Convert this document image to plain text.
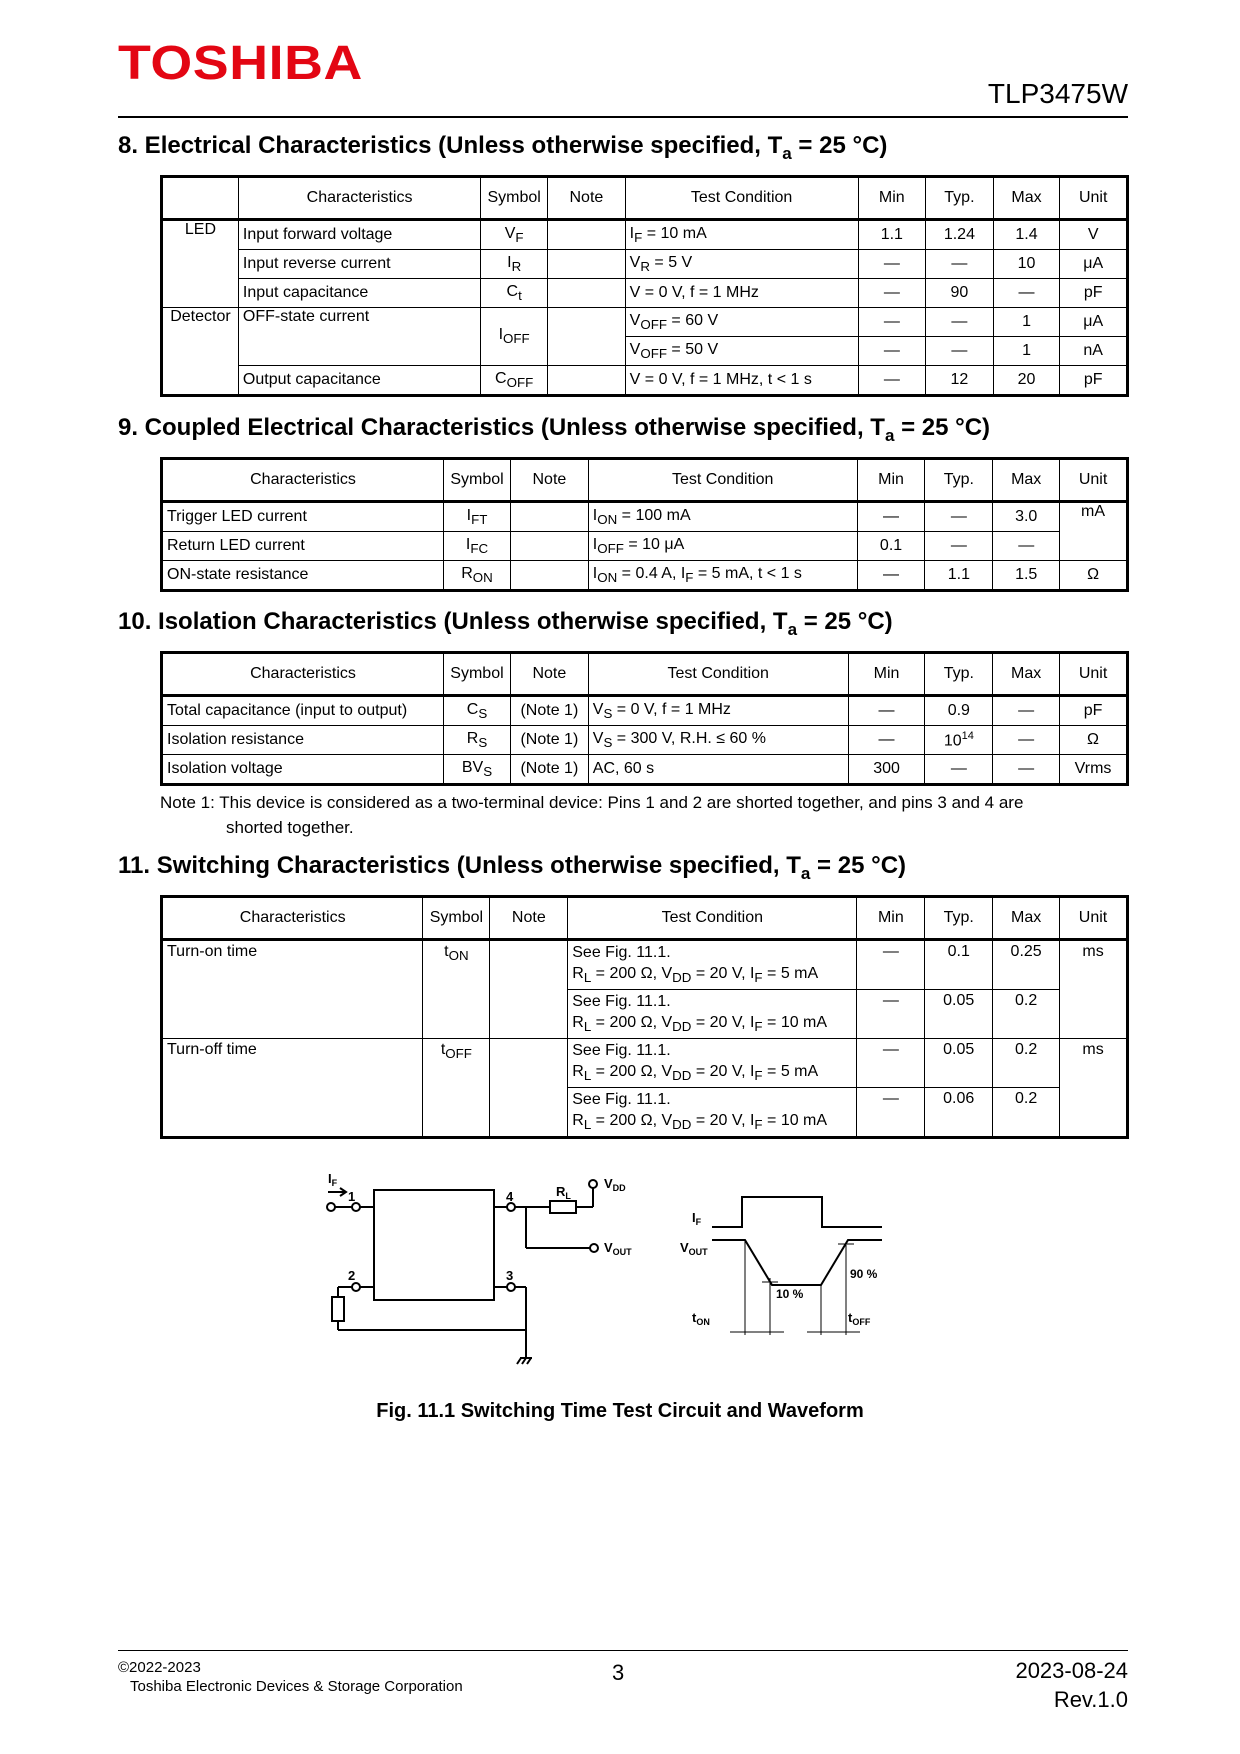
TOSHIBA
TLP3475W
8. Electrical Characteristics (Unless otherwise specified, $T_a = 25$ °C)
	Characteristics	Symbol	Note	Test Condition	Min	Typ.	Max	Unit
LED	Input forward voltage	$V_F$		$I_F = 10$ mA	1.1	1.24	1.4	V
	Input reverse current	$I_R$		$V_R = 5$ V	—	—	10	μA
	Input capacitance	$C_t$		V = 0 V, f = 1 MHz	—	90	—	pF
Detector	OFF-state current	$I_{OFF}$		$V_{OFF} = 60$ V	—	—	1	μA
				$V_{OFF} = 50$ V	—	—	1	nA
	Output capacitance	$C_{OFF}$		V = 0 V, f = 1 MHz, t < 1 s	—	12	20	pF
9. Coupled Electrical Characteristics (Unless otherwise specified, $T_a = 25$ °C)
Characteristics	Symbol	Note	Test Condition	Min	Typ.	Max	Unit
Trigger LED current	$I_{FT}$		$I_{ON} = 100$ mA	—	—	3.0	mA
Return LED current	$I_{FC}$		$I_{OFF} = 10$ μA	0.1	—	—	
ON-state resistance	$R_{ON}$		$I_{ON} = 0.4$ A, $I_F = 5$ mA, t < 1 s	—	1.1	1.5	Ω
10. Isolation Characteristics (Unless otherwise specified, $T_a = 25$ °C)
Characteristics	Symbol	Note	Test Condition	Min	Typ.	Max	Unit
Total capacitance (input to output)	$C_S$	(Note 1)	$V_S = 0$ V, f = 1 MHz	—	0.9	—	pF
Isolation resistance	$R_S$	(Note 1)	$V_S = 300$ V, R.H. ≤ 60 %	—	$10^{14}$	—	Ω
Isolation voltage	$BV_S$	(Note 1)	AC, 60 s	300	—	—	Vrms
Note 1: This device is considered as a two-terminal device: Pins 1 and 2 are shorted together, and pins 3 and 4 are
shorted together.
11. Switching Characteristics (Unless otherwise specified, $T_a = 25$ °C)
Characteristics	Symbol	Note	Test Condition	Min	Typ.	Max	Unit
Turn-on time	$t_{ON}$		See Fig. 11.1.
$R_L = 200$ Ω, $V_{DD} = 20$ V, $I_F = 5$ mA	—	0.1	0.25	ms
			See Fig. 11.1.
$R_L = 200$ Ω, $V_{DD} = 20$ V, $I_F = 10$ mA	—	0.05	0.2	
Turn-off time	$t_{OFF}$		See Fig. 11.1.
$R_L = 200$ Ω, $V_{DD} = 20$ V, $I_F = 5$ mA	—	0.05	0.2	ms
			See Fig. 11.1.
$R_L = 200$ Ω, $V_{DD} = 20$ V, $I_F = 10$ mA	—	0.06	0.2	
$I_F$
1
2
4
3
$R_L$
$V_{DD}$
$V_{OUT}$
$I_F$
$V_{OUT}$
10 %
90 %
$t_{ON}$	$t_{OFF}$
Fig. 11.1 Switching Time Test Circuit and Waveform
©2022-2023
Toshiba Electronic Devices & Storage Corporation
3	2023-08-24
Rev.1.0
